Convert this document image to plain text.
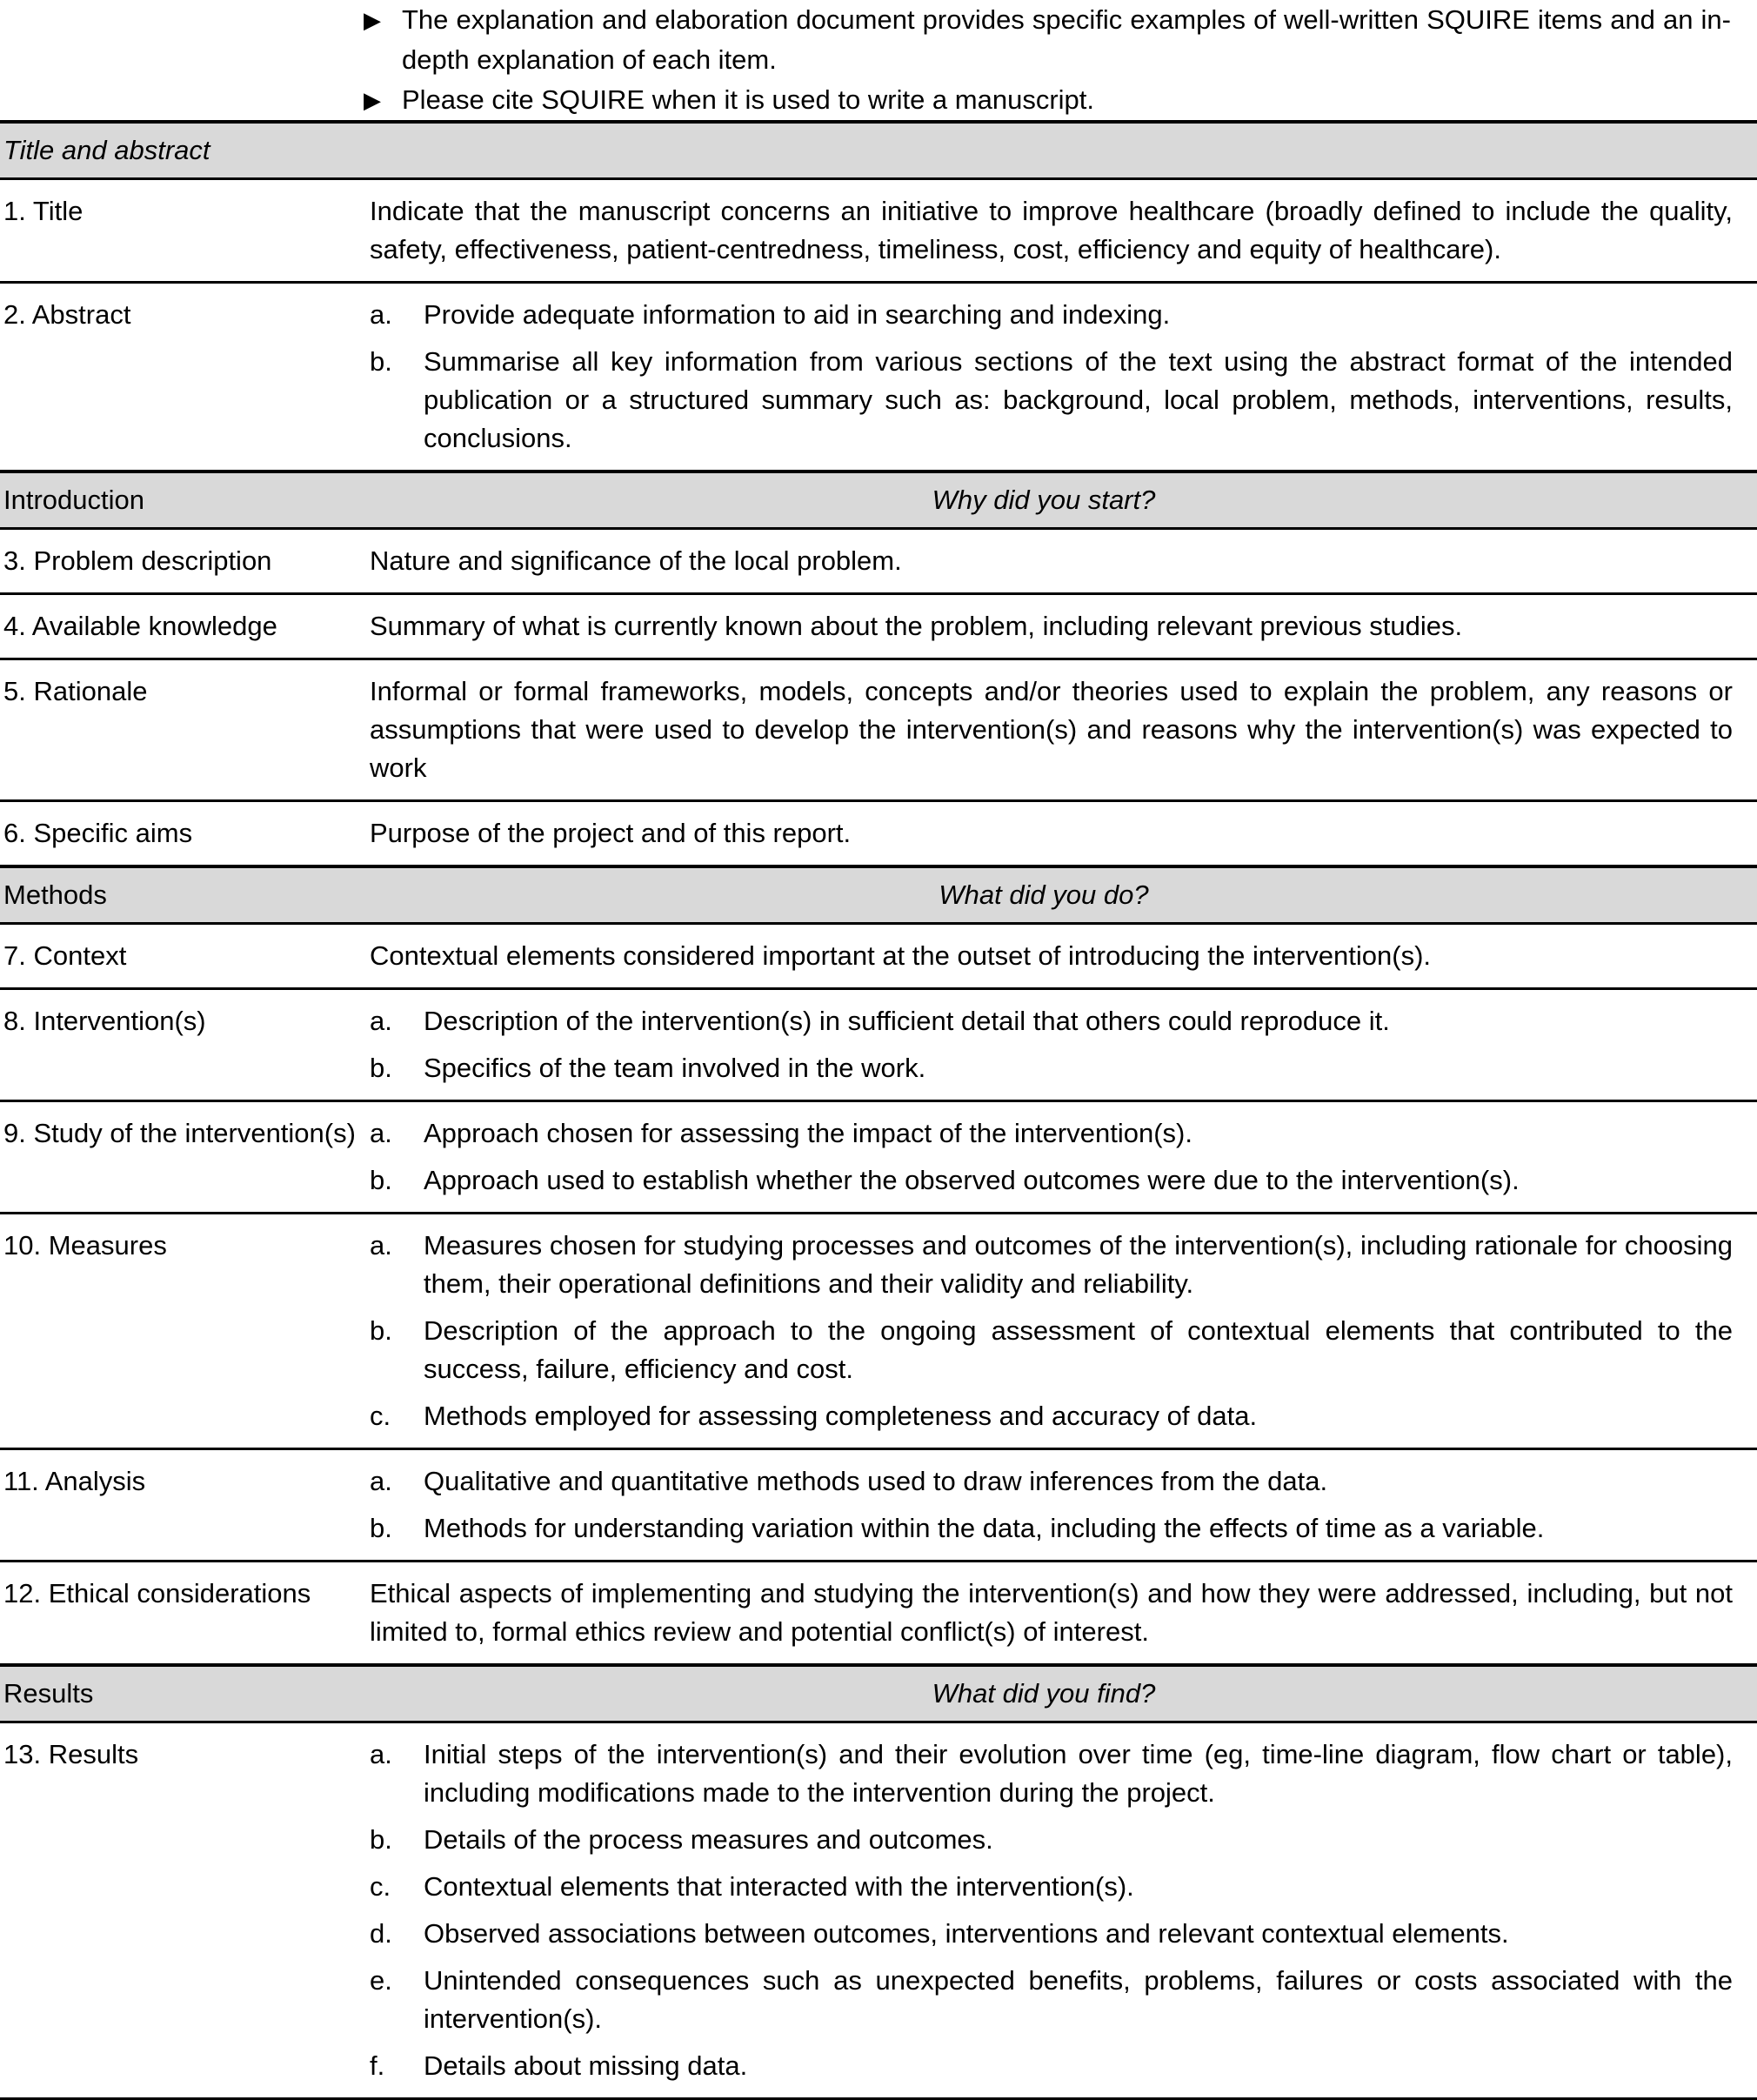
▶ The explanation and elaboration document provides specific examples of well-written SQUIRE items and an in-depth explanation of each item.
▶ Please cite SQUIRE when it is used to write a manuscript.
Title and abstract	

1. Title	Indicate that the manuscript concerns an initiative to improve healthcare (broadly defined to include the quality, safety, effectiveness, patient-centredness, timeliness, cost, efficiency and equity of healthcare).

2. Abstract	a.	Provide adequate information to aid in searching and indexing.
b.	Summarise all key information from various sections of the text using the abstract format of the intended publication or a structured summary such as: background, local problem, methods, interventions, results, conclusions.

Introduction Why did you start?	

3. Problem description	Nature and significance of the local problem.

4. Available knowledge	Summary of what is currently known about the problem, including relevant previous studies.

5. Rationale	Informal or formal frameworks, models, concepts and/or theories used to explain the problem, any reasons or assumptions that were used to develop the intervention(s) and reasons why the intervention(s) was expected to work

6. Specific aims	Purpose of the project and of this report.

Methods What did you do?	

7. Context	Contextual elements considered important at the outset of introducing the intervention(s).

8. Intervention(s)	a.	Description of the intervention(s) in sufficient detail that others could reproduce it.
b.	Specifics of the team involved in the work.

9. Study of the intervention(s)	a.	Approach chosen for assessing the impact of the intervention(s).
b.	Approach used to establish whether the observed outcomes were due to the intervention(s).

10. Measures	a.	Measures chosen for studying processes and outcomes of the intervention(s), including rationale for choosing them, their operational definitions and their validity and reliability.
b.	Description of the approach to the ongoing assessment of contextual elements that contributed to the success, failure, efficiency and cost.
c.	Methods employed for assessing completeness and accuracy of data.

11. Analysis	a.	Qualitative and quantitative methods used to draw inferences from the data.
b.	Methods for understanding variation within the data, including the effects of time as a variable.

12. Ethical considerations	Ethical aspects of implementing and studying the intervention(s) and how they were addressed, including, but not limited to, formal ethics review and potential conflict(s) of interest.

Results What did you find?	

13. Results	a.	Initial steps of the intervention(s) and their evolution over time (eg, time-line diagram, flow chart or table), including modifications made to the intervention during the project.
b.	Details of the process measures and outcomes.
c.	Contextual elements that interacted with the intervention(s).
d.	Observed associations between outcomes, interventions and relevant contextual elements.
e.	Unintended consequences such as unexpected benefits, problems, failures or costs associated with the intervention(s).
f.	Details about missing data.
